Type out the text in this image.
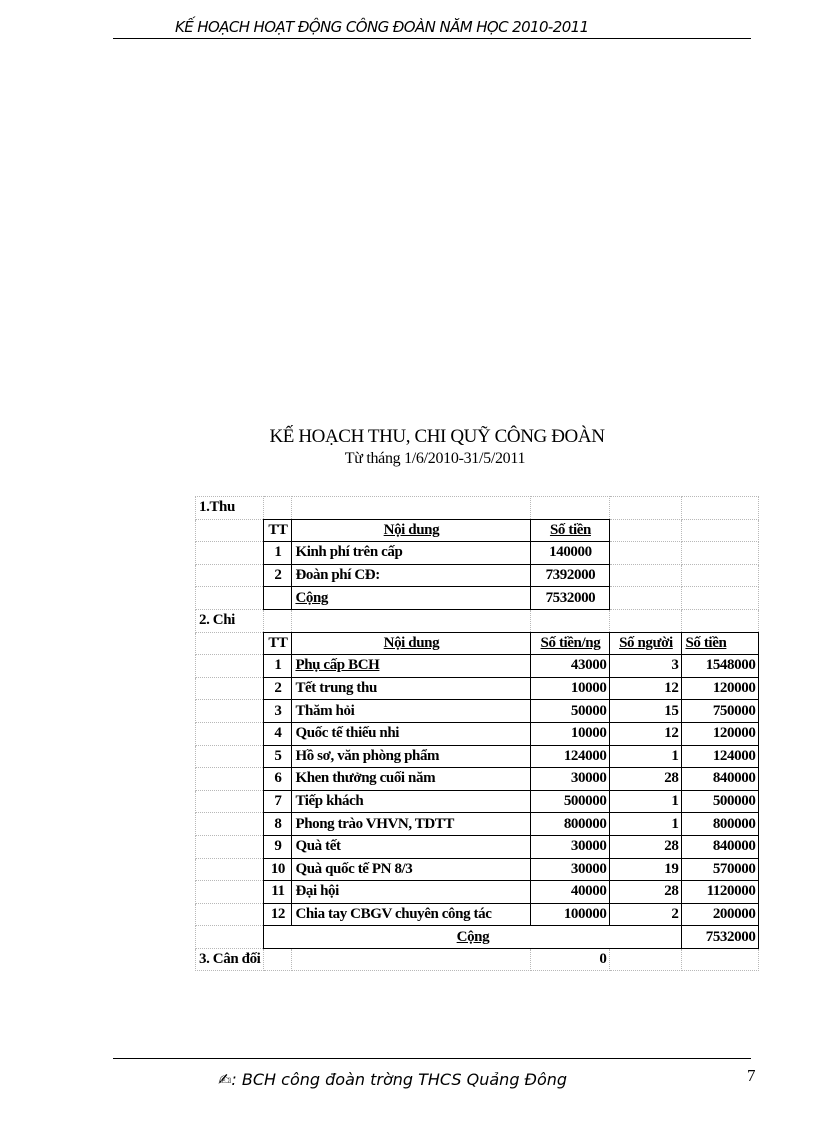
KẾ HOẠCH HOẠT ĐỘNG CÔNG ĐOÀN NĂM HỌC 2010-2011
KẾ HOẠCH THU, CHI QUỸ CÔNG ĐOÀN
Từ tháng 1/6/2010-31/5/2011
1.Thu					
	TT	Nội dung	Số tiền		
	1	Kinh phí trên cấp	140000		
	2	Đoàn phí CĐ:	7392000		
		Cộng	7532000		
2. Chi					
	TT	Nội dung	Số tiền/ng	Số người	Số tiền
	1	Phụ cấp BCH	43000	3	1548000
	2	Tết trung thu	10000	12	120000
	3	Thăm hỏi	50000	15	750000
	4	Quốc tế thiếu nhi	10000	12	120000
	5	Hồ sơ, văn phòng phẩm	124000	1	124000
	6	Khen thưởng cuối năm	30000	28	840000
	7	Tiếp khách	500000	1	500000
	8	Phong trào VHVN, TDTT	800000	1	800000
	9	Quà tết	30000	28	840000
	10	Quà quốc tế PN 8/3	30000	19	570000
	11	Đại hội	40000	28	1120000
	12	Chia tay CBGV chuyên công tác	100000	2	200000
	Cộng				7532000
3. Cân đối			0		
✍: BCH công đoàn trờng THCS Quảng Đông	7
